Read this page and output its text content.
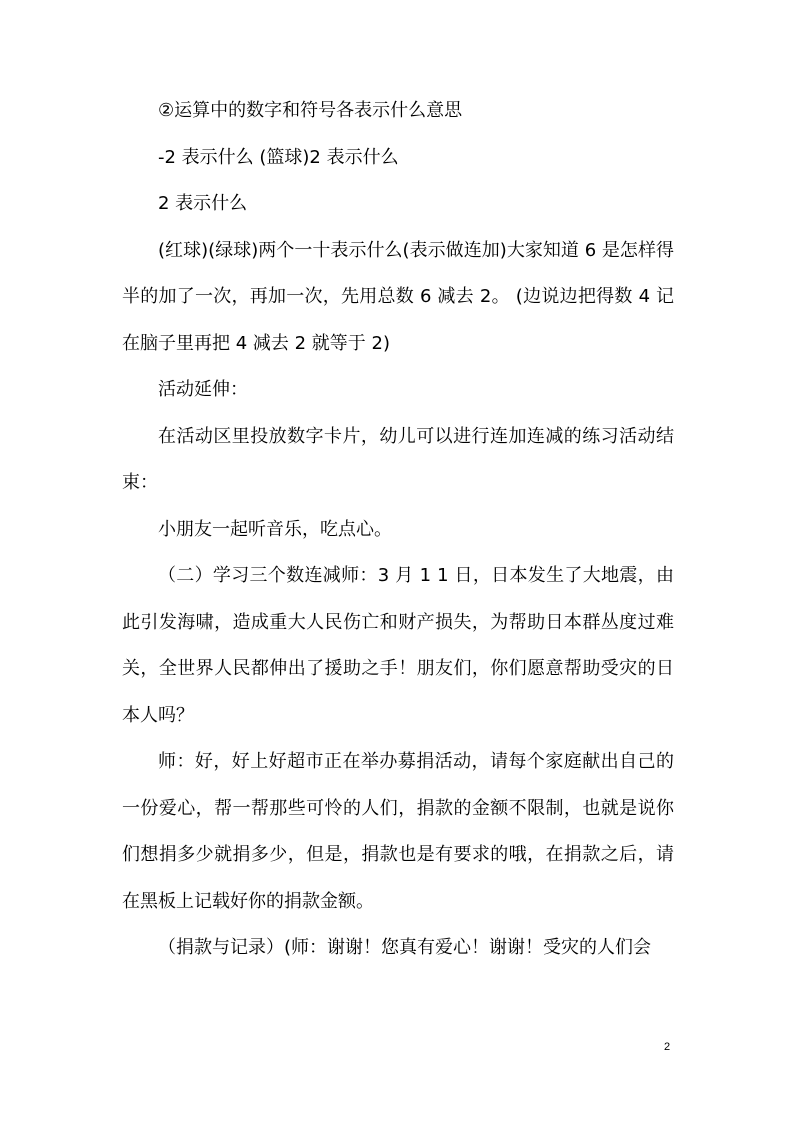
②运算中的数字和符号各表示什么意思

-2 表示什么 (篮球)2 表示什么

2 表示什么

(红球)(绿球)两个一十表示什么(表示做连加)大家知道 6 是怎样得半的加了一次，再加一次，先用总数 6 减去 2。 (边说边把得数 4 记在脑子里再把 4 减去 2 就等于 2)

活动延伸：

在活动区里投放数字卡片，幼儿可以进行连加连减的练习活动结束：

小朋友一起听音乐，吃点心。

（二）学习三个数连减师：3 月 1 1 日，日本发生了大地震，由此引发海啸，造成重大人民伤亡和财产损失，为帮助日本群丛度过难关，全世界人民都伸出了援助之手！朋友们，你们愿意帮助受灾的日本人吗？

师：好，好上好超市正在举办募捐活动，请每个家庭献出自己的一份爱心，帮一帮那些可怜的人们，捐款的金额不限制，也就是说你们想捐多少就捐多少，但是，捐款也是有要求的哦，在捐款之后，请在黑板上记载好你的捐款金额。

（捐款与记录）(师：谢谢！您真有爱心！谢谢！受灾的人们会

2
